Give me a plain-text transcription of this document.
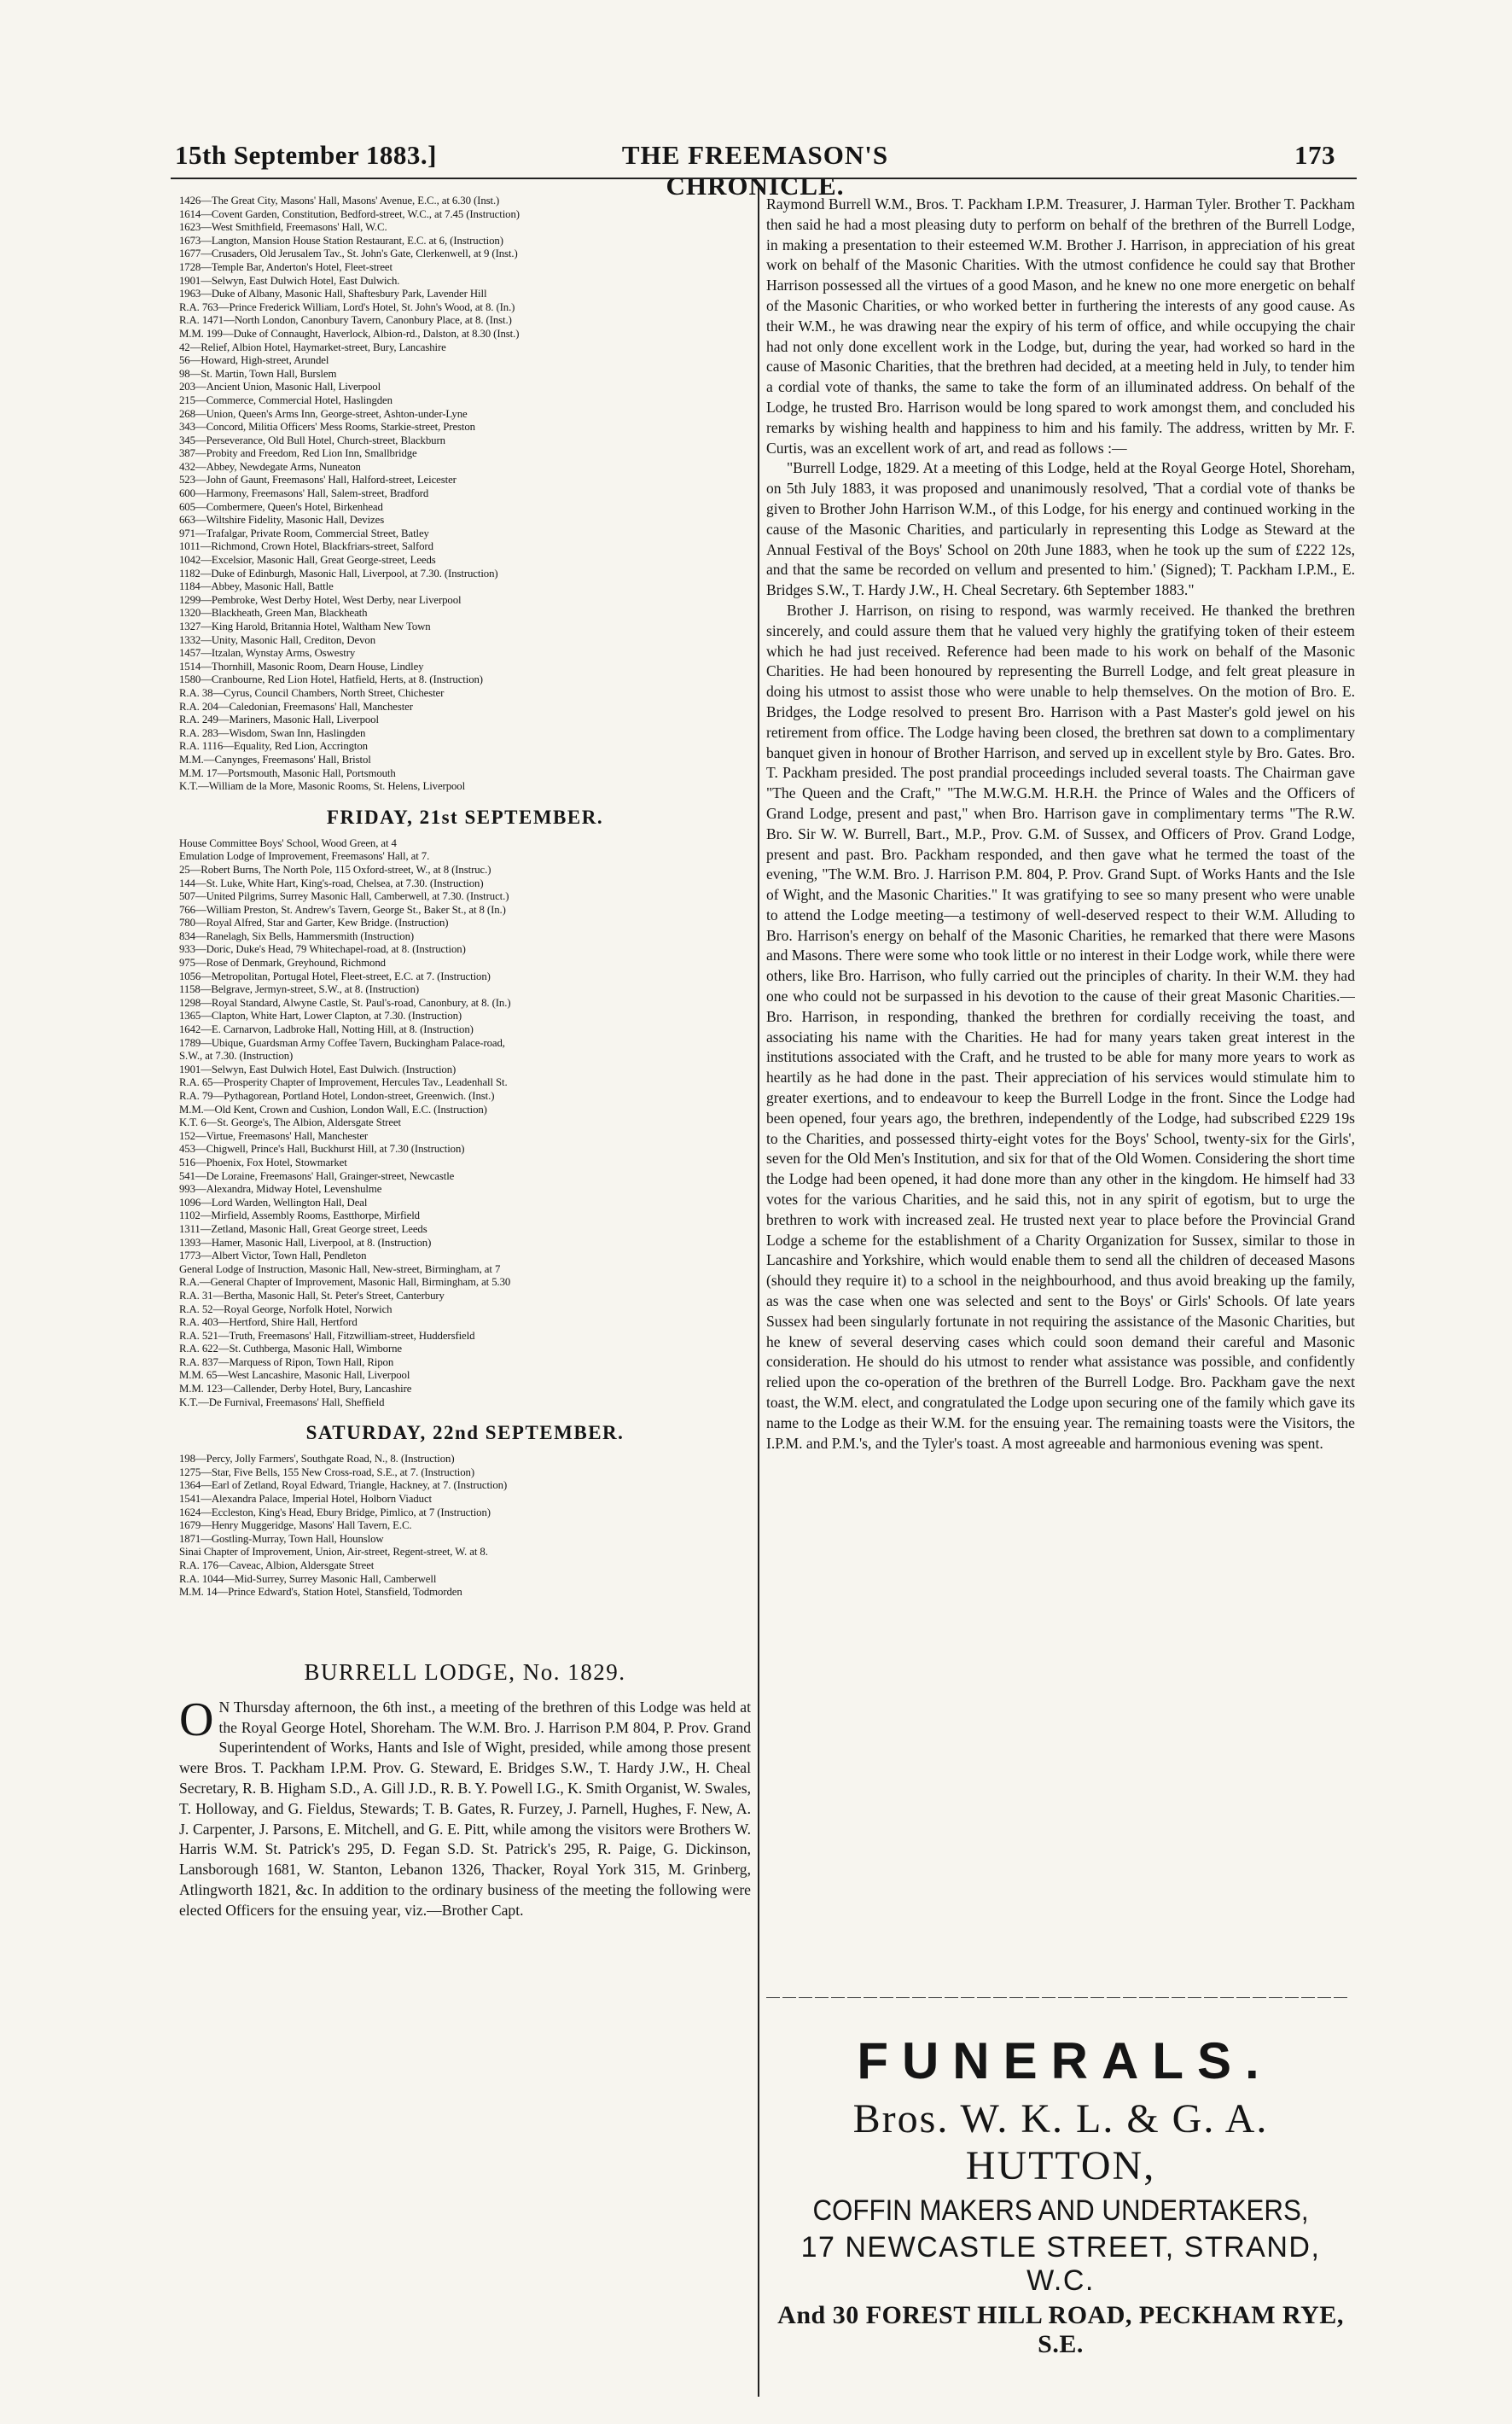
15th September 1883.]	THE FREEMASON'S CHRONICLE.
173
1426—The Great City, Masons' Hall, Masons' Avenue, E.C., at 6.30 (Inst.)
1614—Covent Garden, Constitution, Bedford-street, W.C., at 7.45 (Instruction)
1623—West Smithfield, Freemasons' Hall, W.C.
1673—Langton, Mansion House Station Restaurant, E.C. at 6, (Instruction)
1677—Crusaders, Old Jerusalem Tav., St. John's Gate, Clerkenwell, at 9 (Inst.)
1728—Temple Bar, Anderton's Hotel, Fleet-street
1901—Selwyn, East Dulwich Hotel, East Dulwich.
1963—Duke of Albany, Masonic Hall, Shaftesbury Park, Lavender Hill
R.A. 763—Prince Frederick William, Lord's Hotel, St. John's Wood, at 8. (In.)
R.A. 1471—North London, Canonbury Tavern, Canonbury Place, at 8. (Inst.)
M.M. 199—Duke of Connaught, Haverlock, Albion-rd., Dalston, at 8.30 (Inst.)
42—Relief, Albion Hotel, Haymarket-street, Bury, Lancashire
56—Howard, High-street, Arundel
98—St. Martin, Town Hall, Burslem
203—Ancient Union, Masonic Hall, Liverpool
215—Commerce, Commercial Hotel, Haslingden
268—Union, Queen's Arms Inn, George-street, Ashton-under-Lyne
343—Concord, Militia Officers' Mess Rooms, Starkie-street, Preston
345—Perseverance, Old Bull Hotel, Church-street, Blackburn
387—Probity and Freedom, Red Lion Inn, Smallbridge
432—Abbey, Newdegate Arms, Nuneaton
523—John of Gaunt, Freemasons' Hall, Halford-street, Leicester
600—Harmony, Freemasons' Hall, Salem-street, Bradford
605—Combermere, Queen's Hotel, Birkenhead
663—Wiltshire Fidelity, Masonic Hall, Devizes
971—Trafalgar, Private Room, Commercial Street, Batley
1011—Richmond, Crown Hotel, Blackfriars-street, Salford
1042—Excelsior, Masonic Hall, Great George-street, Leeds
1182—Duke of Edinburgh, Masonic Hall, Liverpool, at 7.30. (Instruction)
1184—Abbey, Masonic Hall, Battle
1299—Pembroke, West Derby Hotel, West Derby, near Liverpool
1320—Blackheath, Green Man, Blackheath
1327—King Harold, Britannia Hotel, Waltham New Town
1332—Unity, Masonic Hall, Crediton, Devon
1457—Itzalan, Wynstay Arms, Oswestry
1514—Thornhill, Masonic Room, Dearn House, Lindley
1580—Cranbourne, Red Lion Hotel, Hatfield, Herts, at 8. (Instruction)
R.A. 38—Cyrus, Council Chambers, North Street, Chichester
R.A. 204—Caledonian, Freemasons' Hall, Manchester
R.A. 249—Mariners, Masonic Hall, Liverpool
R.A. 283—Wisdom, Swan Inn, Haslingden
R.A. 1116—Equality, Red Lion, Accrington
M.M.—Canynges, Freemasons' Hall, Bristol
M.M. 17—Portsmouth, Masonic Hall, Portsmouth
K.T.—William de la More, Masonic Rooms, St. Helens, Liverpool
FRIDAY, 21st SEPTEMBER.
House Committee Boys' School, Wood Green, at 4
Emulation Lodge of Improvement, Freemasons' Hall, at 7.
25—Robert Burns, The North Pole, 115 Oxford-street, W., at 8 (Instruc.)
144—St. Luke, White Hart, King's-road, Chelsea, at 7.30. (Instruction)
507—United Pilgrims, Surrey Masonic Hall, Camberwell, at 7.30. (Instruct.)
766—William Preston, St. Andrew's Tavern, George St., Baker St., at 8 (In.)
780—Royal Alfred, Star and Garter, Kew Bridge. (Instruction)
834—Ranelagh, Six Bells, Hammersmith (Instruction)
933—Doric, Duke's Head, 79 Whitechapel-road, at 8. (Instruction)
975—Rose of Denmark, Greyhound, Richmond
1056—Metropolitan, Portugal Hotel, Fleet-street, E.C. at 7. (Instruction)
1158—Belgrave, Jermyn-street, S.W., at 8. (Instruction)
1298—Royal Standard, Alwyne Castle, St. Paul's-road, Canonbury, at 8. (In.)
1365—Clapton, White Hart, Lower Clapton, at 7.30. (Instruction)
1642—E. Carnarvon, Ladbroke Hall, Notting Hill, at 8. (Instruction)
1789—Ubique, Guardsman Army Coffee Tavern, Buckingham Palace-road,
S.W., at 7.30. (Instruction)
1901—Selwyn, East Dulwich Hotel, East Dulwich. (Instruction)
R.A. 65—Prosperity Chapter of Improvement, Hercules Tav., Leadenhall St.
R.A. 79—Pythagorean, Portland Hotel, London-street, Greenwich. (Inst.)
M.M.—Old Kent, Crown and Cushion, London Wall, E.C. (Instruction)
K.T. 6—St. George's, The Albion, Aldersgate Street
152—Virtue, Freemasons' Hall, Manchester
453—Chigwell, Prince's Hall, Buckhurst Hill, at 7.30 (Instruction)
516—Phoenix, Fox Hotel, Stowmarket
541—De Loraine, Freemasons' Hall, Grainger-street, Newcastle
993—Alexandra, Midway Hotel, Levenshulme
1096—Lord Warden, Wellington Hall, Deal
1102—Mirfield, Assembly Rooms, Eastthorpe, Mirfield
1311—Zetland, Masonic Hall, Great George street, Leeds
1393—Hamer, Masonic Hall, Liverpool, at 8. (Instruction)
1773—Albert Victor, Town Hall, Pendleton
General Lodge of Instruction, Masonic Hall, New-street, Birmingham, at 7
R.A.—General Chapter of Improvement, Masonic Hall, Birmingham, at 5.30
R.A. 31—Bertha, Masonic Hall, St. Peter's Street, Canterbury
R.A. 52—Royal George, Norfolk Hotel, Norwich
R.A. 403—Hertford, Shire Hall, Hertford
R.A. 521—Truth, Freemasons' Hall, Fitzwilliam-street, Huddersfield
R.A. 622—St. Cuthberga, Masonic Hall, Wimborne
R.A. 837—Marquess of Ripon, Town Hall, Ripon
M.M. 65—West Lancashire, Masonic Hall, Liverpool
M.M. 123—Callender, Derby Hotel, Bury, Lancashire
K.T.—De Furnival, Freemasons' Hall, Sheffield
SATURDAY, 22nd SEPTEMBER.
198—Percy, Jolly Farmers', Southgate Road, N., 8. (Instruction)
1275—Star, Five Bells, 155 New Cross-road, S.E., at 7. (Instruction)
1364—Earl of Zetland, Royal Edward, Triangle, Hackney, at 7. (Instruction)
1541—Alexandra Palace, Imperial Hotel, Holborn Viaduct
1624—Eccleston, King's Head, Ebury Bridge, Pimlico, at 7 (Instruction)
1679—Henry Muggeridge, Masons' Hall Tavern, E.C.
1871—Gostling-Murray, Town Hall, Hounslow
Sinai Chapter of Improvement, Union, Air-street, Regent-street, W. at 8.
R.A. 176—Caveac, Albion, Aldersgate Street
R.A. 1044—Mid-Surrey, Surrey Masonic Hall, Camberwell
M.M. 14—Prince Edward's, Station Hotel, Stansfield, Todmorden
BURRELL LODGE, No. 1829.

O N Thursday afternoon, the 6th inst., a meeting of the brethren of this Lodge was held at the Royal George Hotel, Shoreham. The W.M. Bro. J. Harrison P.M 804, P. Prov. Grand Superintendent of Works, Hants and Isle of Wight, presided, while among those present were Bros. T. Packham I.P.M. Prov. G. Steward, E. Bridges S.W., T. Hardy J.W., H. Cheal Secretary, R. B. Higham S.D., A. Gill J.D., R. B. Y. Powell I.G., K. Smith Organist, W. Swales, T. Holloway, and G. Fieldus, Stewards; T. B. Gates, R. Furzey, J. Parnell, Hughes, F. New, A. J. Carpenter, J. Parsons, E. Mitchell, and G. E. Pitt, while among the visitors were Brothers W. Harris W.M. St. Patrick's 295, D. Fegan S.D. St. Patrick's 295, R. Paige, G. Dickinson, Lansborough 1681, W. Stanton, Lebanon 1326, Thacker, Royal York 315, M. Grinberg, Atlingworth 1821, &c. In addition to the ordinary business of the meeting the following were elected Officers for the ensuing year, viz.—Brother Capt.

Raymond Burrell W.M., Bros. T. Packham I.P.M. Treasurer, J. Harman Tyler. Brother T. Packham then said he had a most pleasing duty to perform on behalf of the brethren of the Burrell Lodge, in making a presentation to their esteemed W.M. Brother J. Harrison, in appreciation of his great work on behalf of the Masonic Charities. With the utmost confidence he could say that Brother Harrison possessed all the virtues of a good Mason, and he knew no one more energetic on behalf of the Masonic Charities, or who worked better in furthering the interests of any good cause. As their W.M., he was drawing near the expiry of his term of office, and while occupying the chair had not only done excellent work in the Lodge, but, during the year, had worked so hard in the cause of Masonic Charities, that the brethren had decided, at a meeting held in July, to tender him a cordial vote of thanks, the same to take the form of an illuminated address. On behalf of the Lodge, he trusted Bro. Harrison would be long spared to work amongst them, and concluded his remarks by wishing health and happiness to him and his family. The address, written by Mr. F. Curtis, was an excellent work of art, and read as follows :—

"Burrell Lodge, 1829. At a meeting of this Lodge, held at the Royal George Hotel, Shoreham, on 5th July 1883, it was proposed and unanimously resolved, 'That a cordial vote of thanks be given to Brother John Harrison W.M., of this Lodge, for his energy and continued working in the cause of the Masonic Charities, and particularly in representing this Lodge as Steward at the Annual Festival of the Boys' School on 20th June 1883, when he took up the sum of £222 12s, and that the same be recorded on vellum and presented to him.' (Signed); T. Packham I.P.M., E. Bridges S.W., T. Hardy J.W., H. Cheal Secretary. 6th September 1883."

Brother J. Harrison, on rising to respond, was warmly received. He thanked the brethren sincerely, and could assure them that he valued very highly the gratifying token of their esteem which he had just received. Reference had been made to his work on behalf of the Masonic Charities. He had been honoured by representing the Burrell Lodge, and felt great pleasure in doing his utmost to assist those who were unable to help themselves. On the motion of Bro. E. Bridges, the Lodge resolved to present Bro. Harrison with a Past Master's gold jewel on his retirement from office. The Lodge having been closed, the brethren sat down to a complimentary banquet given in honour of Brother Harrison, and served up in excellent style by Bro. Gates. Bro. T. Packham presided. The post prandial proceedings included several toasts. The Chairman gave "The Queen and the Craft," "The M.W.G.M. H.R.H. the Prince of Wales and the Officers of Grand Lodge, present and past," when Bro. Harrison gave in complimentary terms "The R.W. Bro. Sir W. W. Burrell, Bart., M.P., Prov. G.M. of Sussex, and Officers of Prov. Grand Lodge, present and past. Bro. Packham responded, and then gave what he termed the toast of the evening, "The W.M. Bro. J. Harrison P.M. 804, P. Prov. Grand Supt. of Works Hants and the Isle of Wight, and the Masonic Charities." It was gratifying to see so many present who were unable to attend the Lodge meeting—a testimony of well-deserved respect to their W.M. Alluding to Bro. Harrison's energy on behalf of the Masonic Charities, he remarked that there were Masons and Masons. There were some who took little or no interest in their Lodge work, while there were others, like Bro. Harrison, who fully carried out the principles of charity. In their W.M. they had one who could not be surpassed in his devotion to the cause of their great Masonic Charities.—Bro. Harrison, in responding, thanked the brethren for cordially receiving the toast, and associating his name with the Charities. He had for many years taken great interest in the institutions associated with the Craft, and he trusted to be able for many more years to work as heartily as he had done in the past. Their appreciation of his services would stimulate him to greater exertions, and to endeavour to keep the Burrell Lodge in the front. Since the Lodge had been opened, four years ago, the brethren, independently of the Lodge, had subscribed £229 19s to the Charities, and possessed thirty-eight votes for the Boys' School, twenty-six for the Girls', seven for the Old Men's Institution, and six for that of the Old Women. Considering the short time the Lodge had been opened, it had done more than any other in the kingdom. He himself had 33 votes for the various Charities, and he said this, not in any spirit of egotism, but to urge the brethren to work with increased zeal. He trusted next year to place before the Provincial Grand Lodge a scheme for the establishment of a Charity Organization for Sussex, similar to those in Lancashire and Yorkshire, which would enable them to send all the children of deceased Masons (should they require it) to a school in the neighbourhood, and thus avoid breaking up the family, as was the case when one was selected and sent to the Boys' or Girls' Schools. Of late years Sussex had been singularly fortunate in not requiring the assistance of the Masonic Charities, but he knew of several deserving cases which could soon demand their careful and Masonic consideration. He should do his utmost to render what assistance was possible, and confidently relied upon the co-operation of the brethren of the Burrell Lodge. Bro. Packham gave the next toast, the W.M. elect, and congratulated the Lodge upon securing one of the family which gave its name to the Lodge as their W.M. for the ensuing year. The remaining toasts were the Visitors, the I.P.M. and P.M.'s, and the Tyler's toast. A most agreeable and harmonious evening was spent.

FUNERALS.
Bros. W. K. L. & G. A. HUTTON,
COFFIN MAKERS AND UNDERTAKERS,
17 NEWCASTLE STREET, STRAND, W.C.
And 30 FOREST HILL ROAD, PECKHAM RYE, S.E.
